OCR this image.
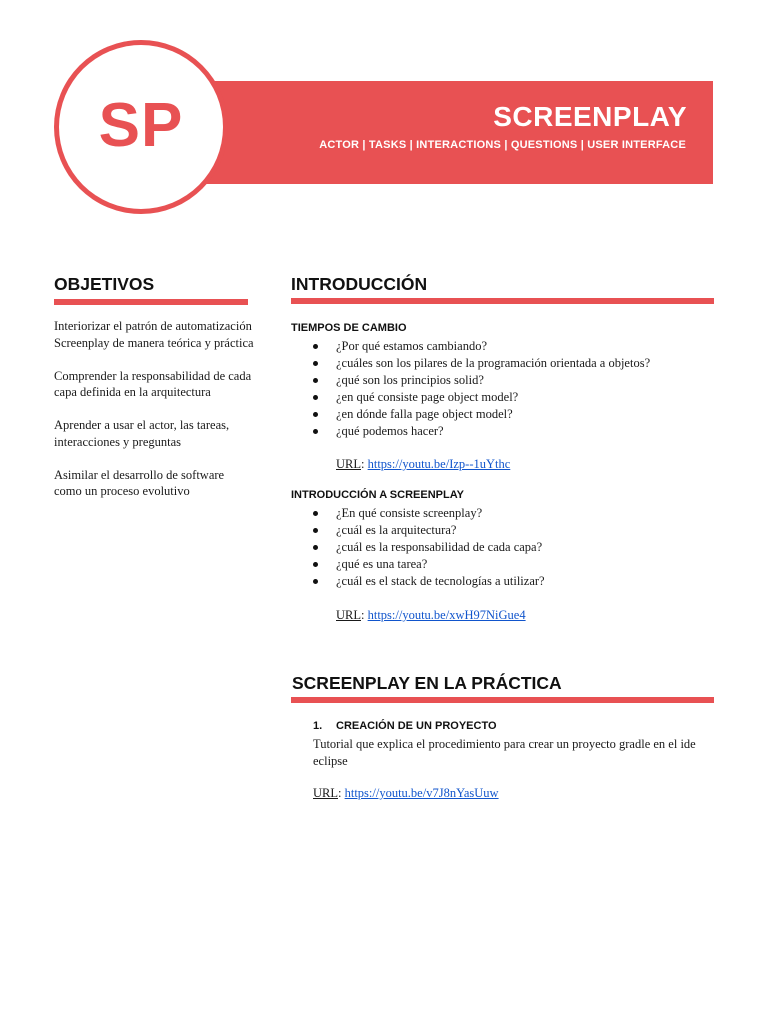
SCREENPLAY
ACTOR | TASKS | INTERACTIONS | QUESTIONS | USER INTERFACE
SP
OBJETIVOS

Interiorizar el patrón de automatización Screenplay de manera teórica y práctica

Comprender la responsabilidad de cada capa definida en la arquitectura

Aprender a usar el actor, las tareas, interacciones y preguntas

Asimilar el desarrollo de software como un proceso evolutivo

INTRODUCCIÓN
TIEMPOS DE CAMBIO
¿Por qué estamos cambiando?
¿cuáles son los pilares de la programación orientada a objetos?
¿qué son los principios solid?
¿en qué consiste page object model?
¿en dónde falla page object model?
¿qué podemos hacer?
URL: https://youtu.be/Izp--1uYthc
INTRODUCCIÓN A SCREENPLAY
¿En qué consiste screenplay?
¿cuál es la arquitectura?
¿cuál es la responsabilidad de cada capa?
¿qué es una tarea?
¿cuál es el stack de tecnologías a utilizar?
URL: https://youtu.be/xwH97NiGue4
SCREENPLAY EN LA PRÁCTICA
1. CREACIÓN DE UN PROYECTO
Tutorial que explica el procedimiento para crear un proyecto gradle en el ide eclipse
URL: https://youtu.be/v7J8nYasUuw
